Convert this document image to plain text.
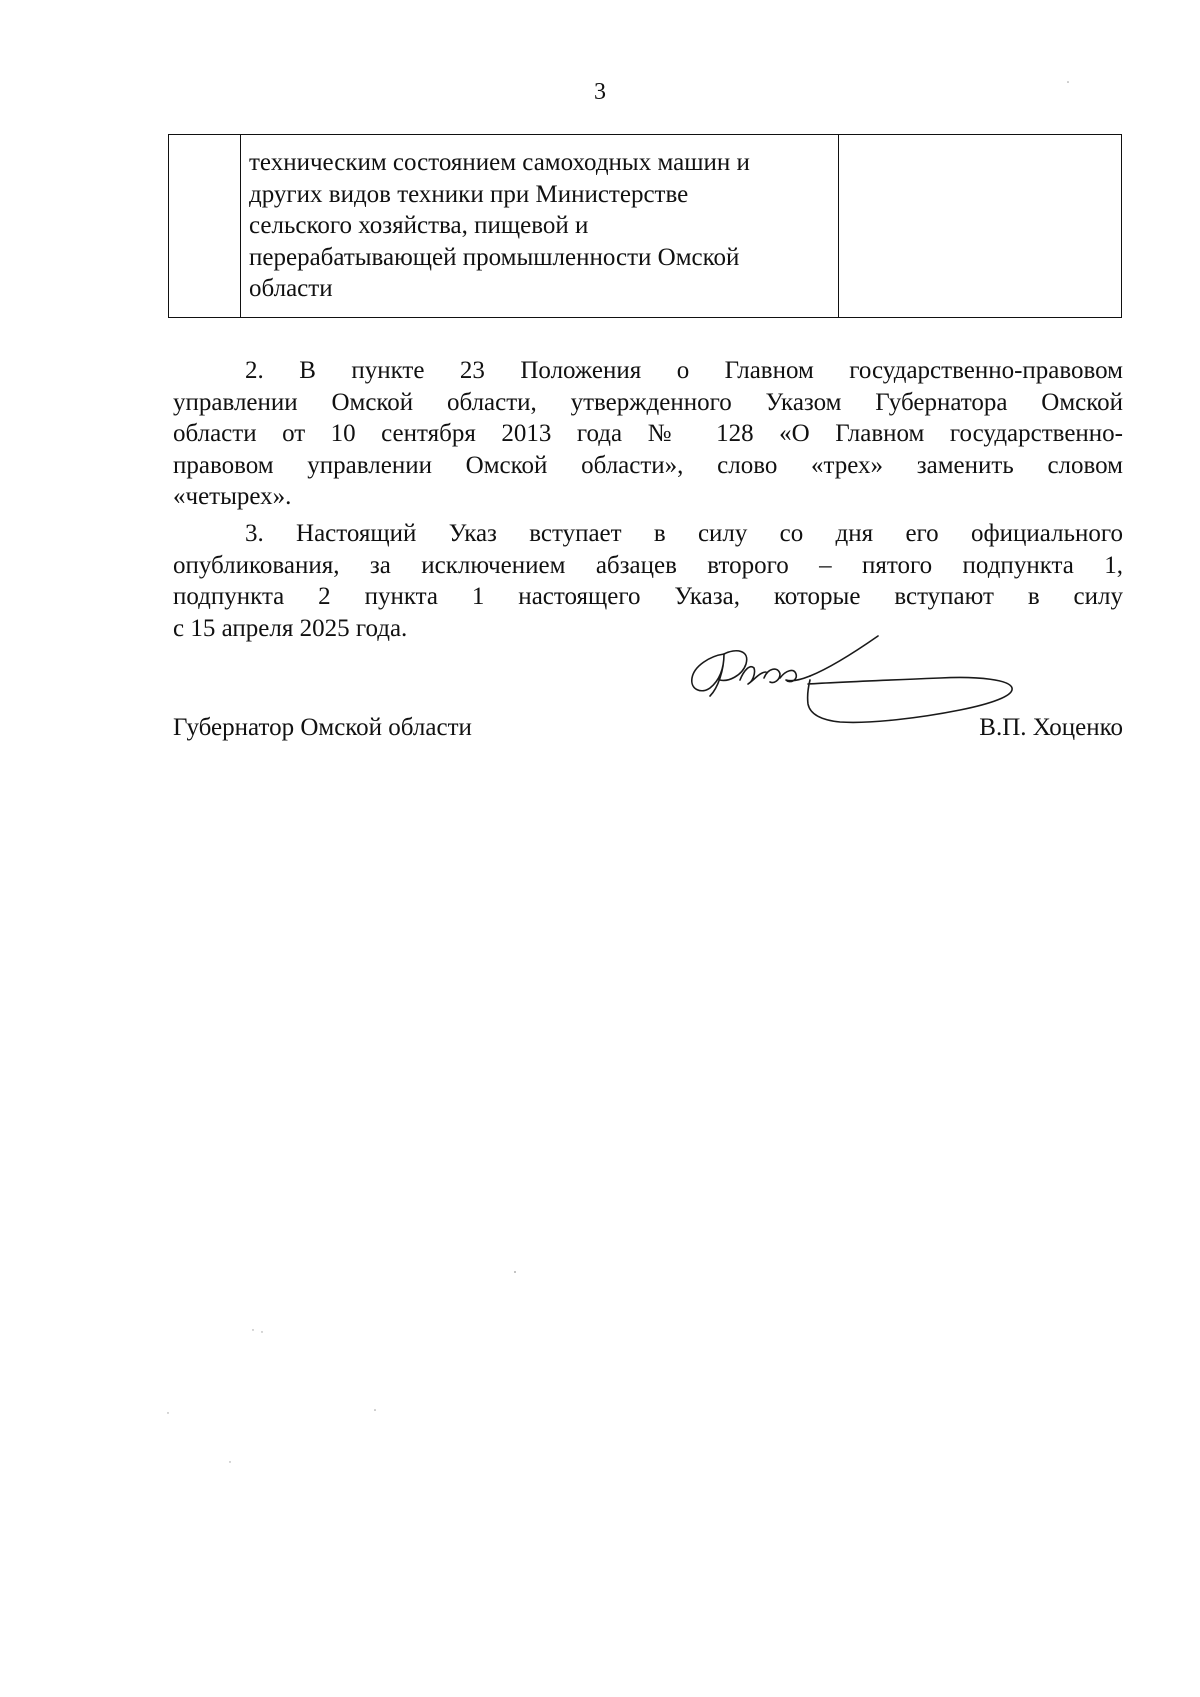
3
техническим состоянием самоходных машин и
других видов техники при Министерстве
сельского хозяйства, пищевой и
перерабатывающей промышленности Омской
области
2. В пункте 23 Положения о Главном государственно-правовом
управлении Омской области, утвержденного Указом Губернатора Омской
области от 10 сентября 2013 года № 128 «О Главном государственно-
правовом управлении Омской области», слово «трех» заменить словом
«четырех».
3. Настоящий Указ вступает в силу со дня его официального
опубликования, за исключением абзацев второго – пятого подпункта 1,
подпункта 2 пункта 1 настоящего Указа, которые вступают в силу
с 15 апреля 2025 года.
Губернатор Омской области	В.П. Хоценко
